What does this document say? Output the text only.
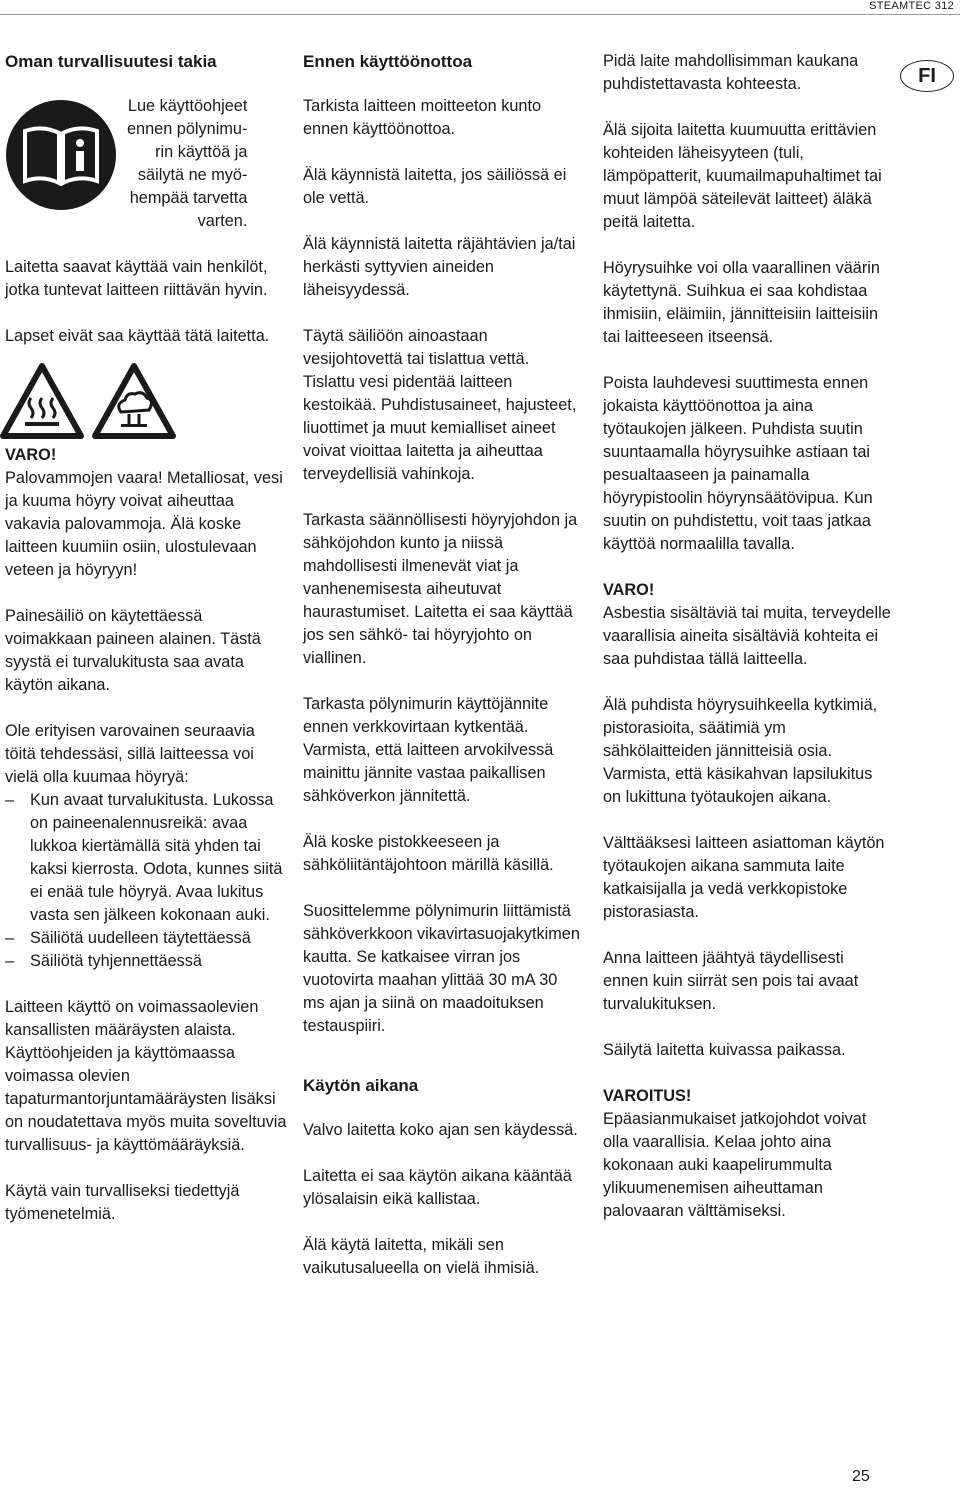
STEAMTEC 312
FI
Oman turvallisuutesi takia
Lue käyttöohjeet
ennen pölynimu-
rin käyttöä ja
säilytä ne myö-
hempää tarvetta
varten.

Laitetta saavat käyttää vain henkilöt, jotka tuntevat laitteen riittävän hyvin.

Lapset eivät saa käyttää tätä laitetta.

VARO!

Palovammojen vaara! Metalliosat, vesi ja kuuma höyry voivat aiheuttaa vakavia palovammoja. Älä koske laitteen kuumiin osiin, ulostulevaan veteen ja höyryyn!

Painesäiliö on käytettäessä voimakkaan paineen alainen. Tästä syystä ei turvalukitusta saa avata käytön aikana.

Ole erityisen varovainen seuraavia töitä tehdessäsi, sillä laitteessa voi vielä olla kuumaa höyryä:

– Kun avaat turvalukitusta. Lukossa on paineenalennusreikä: avaa lukkoa kiertämällä sitä yhden tai kaksi kierrosta. Odota, kunnes siitä ei enää tule höyryä. Avaa lukitus vasta sen jälkeen kokonaan auki.
– Säiliötä uudelleen täytettäessä
– Säiliötä tyhjennettäessä

Laitteen käyttö on voimassaolevien kansallisten määräysten alaista. Käyttöohjeiden ja käyttömaassa voimassa olevien tapaturmantorjuntamääräysten lisäksi on noudatettava myös muita soveltuvia turvallisuus- ja käyttömääräyksiä.

Käytä vain turvalliseksi tiedettyjä työmenetelmiä.

Ennen käyttöönottoa

Tarkista laitteen moitteeton kunto ennen käyttöönottoa.

Älä käynnistä laitetta, jos säiliössä ei ole vettä.

Älä käynnistä laitetta räjähtävien ja/tai herkästi syttyvien aineiden läheisyydessä.

Täytä säiliöön ainoastaan vesijohtovettä tai tislattua vettä. Tislattu vesi pidentää laitteen kestoikää. Puhdistusaineet, hajusteet, liuottimet ja muut kemialliset aineet voivat vioittaa laitetta ja aiheuttaa terveydellisiä vahinkoja.

Tarkasta säännöllisesti höyryjohdon ja sähköjohdon kunto ja niissä mahdollisesti ilmenevät viat ja vanhenemisesta aiheutuvat haurastumiset. Laitetta ei saa käyttää jos sen sähkö- tai höyryjohto on viallinen.

Tarkasta pölynimurin käyttöjännite ennen verkkovirtaan kytkentää. Varmista, että laitteen arvokilvessä mainittu jännite vastaa paikallisen sähköverkon jännitettä.

Älä koske pistokkeeseen ja sähköliitäntäjohtoon märillä käsillä.

Suosittelemme pölynimurin liittämistä sähköverkkoon vikavirtasuojakytkimen kautta. Se katkaisee virran jos vuotovirta maahan ylittää 30 mA 30 ms ajan ja siinä on maadoituksen testauspiiri.

Käytön aikana

Valvo laitetta koko ajan sen käydessä.

Laitetta ei saa käytön aikana kääntää ylösalaisin eikä kallistaa.

Älä käytä laitetta, mikäli sen vaikutusalueella on vielä ihmisiä.

Pidä laite mahdollisimman kaukana puhdistettavasta kohteesta.

Älä sijoita laitetta kuumuutta erittävien kohteiden läheisyyteen (tuli, lämpöpatterit, kuumailmapuhaltimet tai muut lämpöä säteilevät laitteet) äläkä peitä laitetta.

Höyrysuihke voi olla vaarallinen väärin käytettynä. Suihkua ei saa kohdistaa ihmisiin, eläimiin, jännitteisiin laitteisiin tai laitteeseen itseensä.

Poista lauhdevesi suuttimesta ennen jokaista käyttöönottoa ja aina työtaukojen jälkeen. Puhdista suutin suuntaamalla höyrysuihke astiaan tai pesualtaaseen ja painamalla höyrypistoolin höyrynsäätövipua. Kun suutin on puhdistettu, voit taas jatkaa käyttöä normaalilla tavalla.

VARO!

Asbestia sisältäviä tai muita, terveydelle vaarallisia aineita sisältäviä kohteita ei saa puhdistaa tällä laitteella.

Älä puhdista höyrysuihkeella kytkimiä, pistorasioita, säätimiä ym sähkölaitteiden jännitteisiä osia. Varmista, että käsikahvan lapsilukitus on lukittuna työtaukojen aikana.

Välttääksesi laitteen asiattoman käytön työtaukojen aikana sammuta laite katkaisijalla ja vedä verkkopistoke pistorasiasta.

Anna laitteen jäähtyä täydellisesti ennen kuin siirrät sen pois tai avaat turvalukituksen.

Säilytä laitetta kuivassa paikassa.

VAROITUS!

Epäasianmukaiset jatkojohdot voivat olla vaarallisia. Kelaa johto aina kokonaan auki kaapelirummulta ylikuumenemisen aiheuttaman palovaaran välttämiseksi.

25
